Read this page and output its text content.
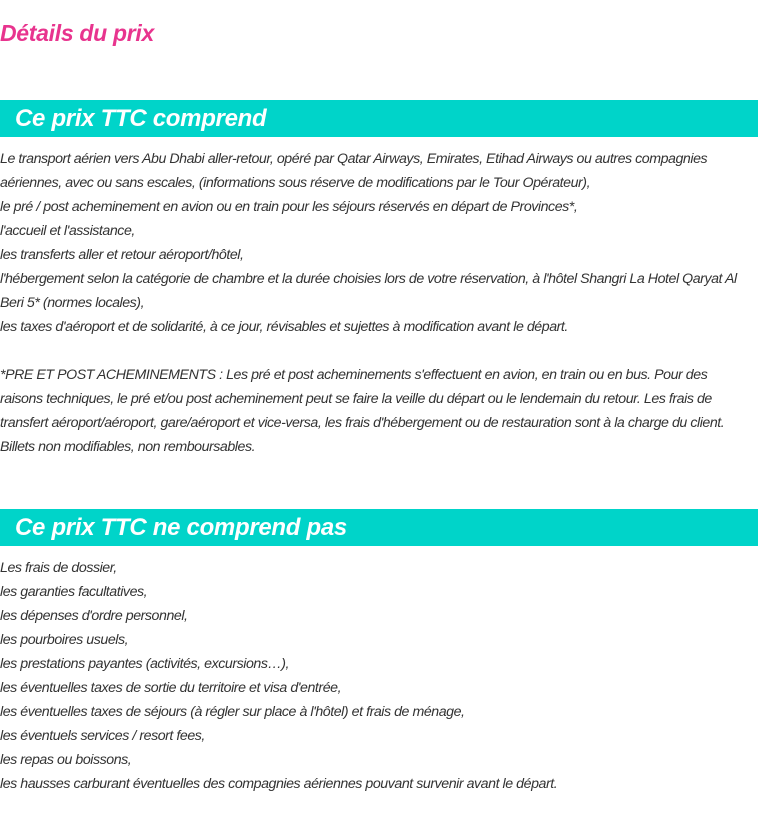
Détails du prix
Ce prix TTC comprend

Le transport aérien vers Abu Dhabi aller-retour, opéré par Qatar Airways, Emirates, Etihad Airways ou autres compagnies aériennes, avec ou sans escales, (informations sous réserve de modifications par le Tour Opérateur),

le pré / post acheminement en avion ou en train pour les séjours réservés en départ de Provinces*,

l'accueil et l'assistance,

les transferts aller et retour aéroport/hôtel,

l'hébergement selon la catégorie de chambre et la durée choisies lors de votre réservation, à l'hôtel Shangri La Hotel Qaryat Al Beri 5* (normes locales),

les taxes d'aéroport et de solidarité, à ce jour, révisables et sujettes à modification avant le départ.

*PRE ET POST ACHEMINEMENTS : Les pré et post acheminements s'effectuent en avion, en train ou en bus. Pour des raisons techniques, le pré et/ou post acheminement peut se faire la veille du départ ou le lendemain du retour. Les frais de transfert aéroport/aéroport, gare/aéroport et vice-versa, les frais d'hébergement ou de restauration sont à la charge du client. Billets non modifiables, non remboursables.

Ce prix TTC ne comprend pas

Les frais de dossier,

les garanties facultatives,

les dépenses d'ordre personnel,

les pourboires usuels,

les prestations payantes (activités, excursions…),

les éventuelles taxes de sortie du territoire et visa d'entrée,

les éventuelles taxes de séjours (à régler sur place à l'hôtel) et frais de ménage,

les éventuels services / resort fees,

les repas ou boissons,

les hausses carburant éventuelles des compagnies aériennes pouvant survenir avant le départ.
